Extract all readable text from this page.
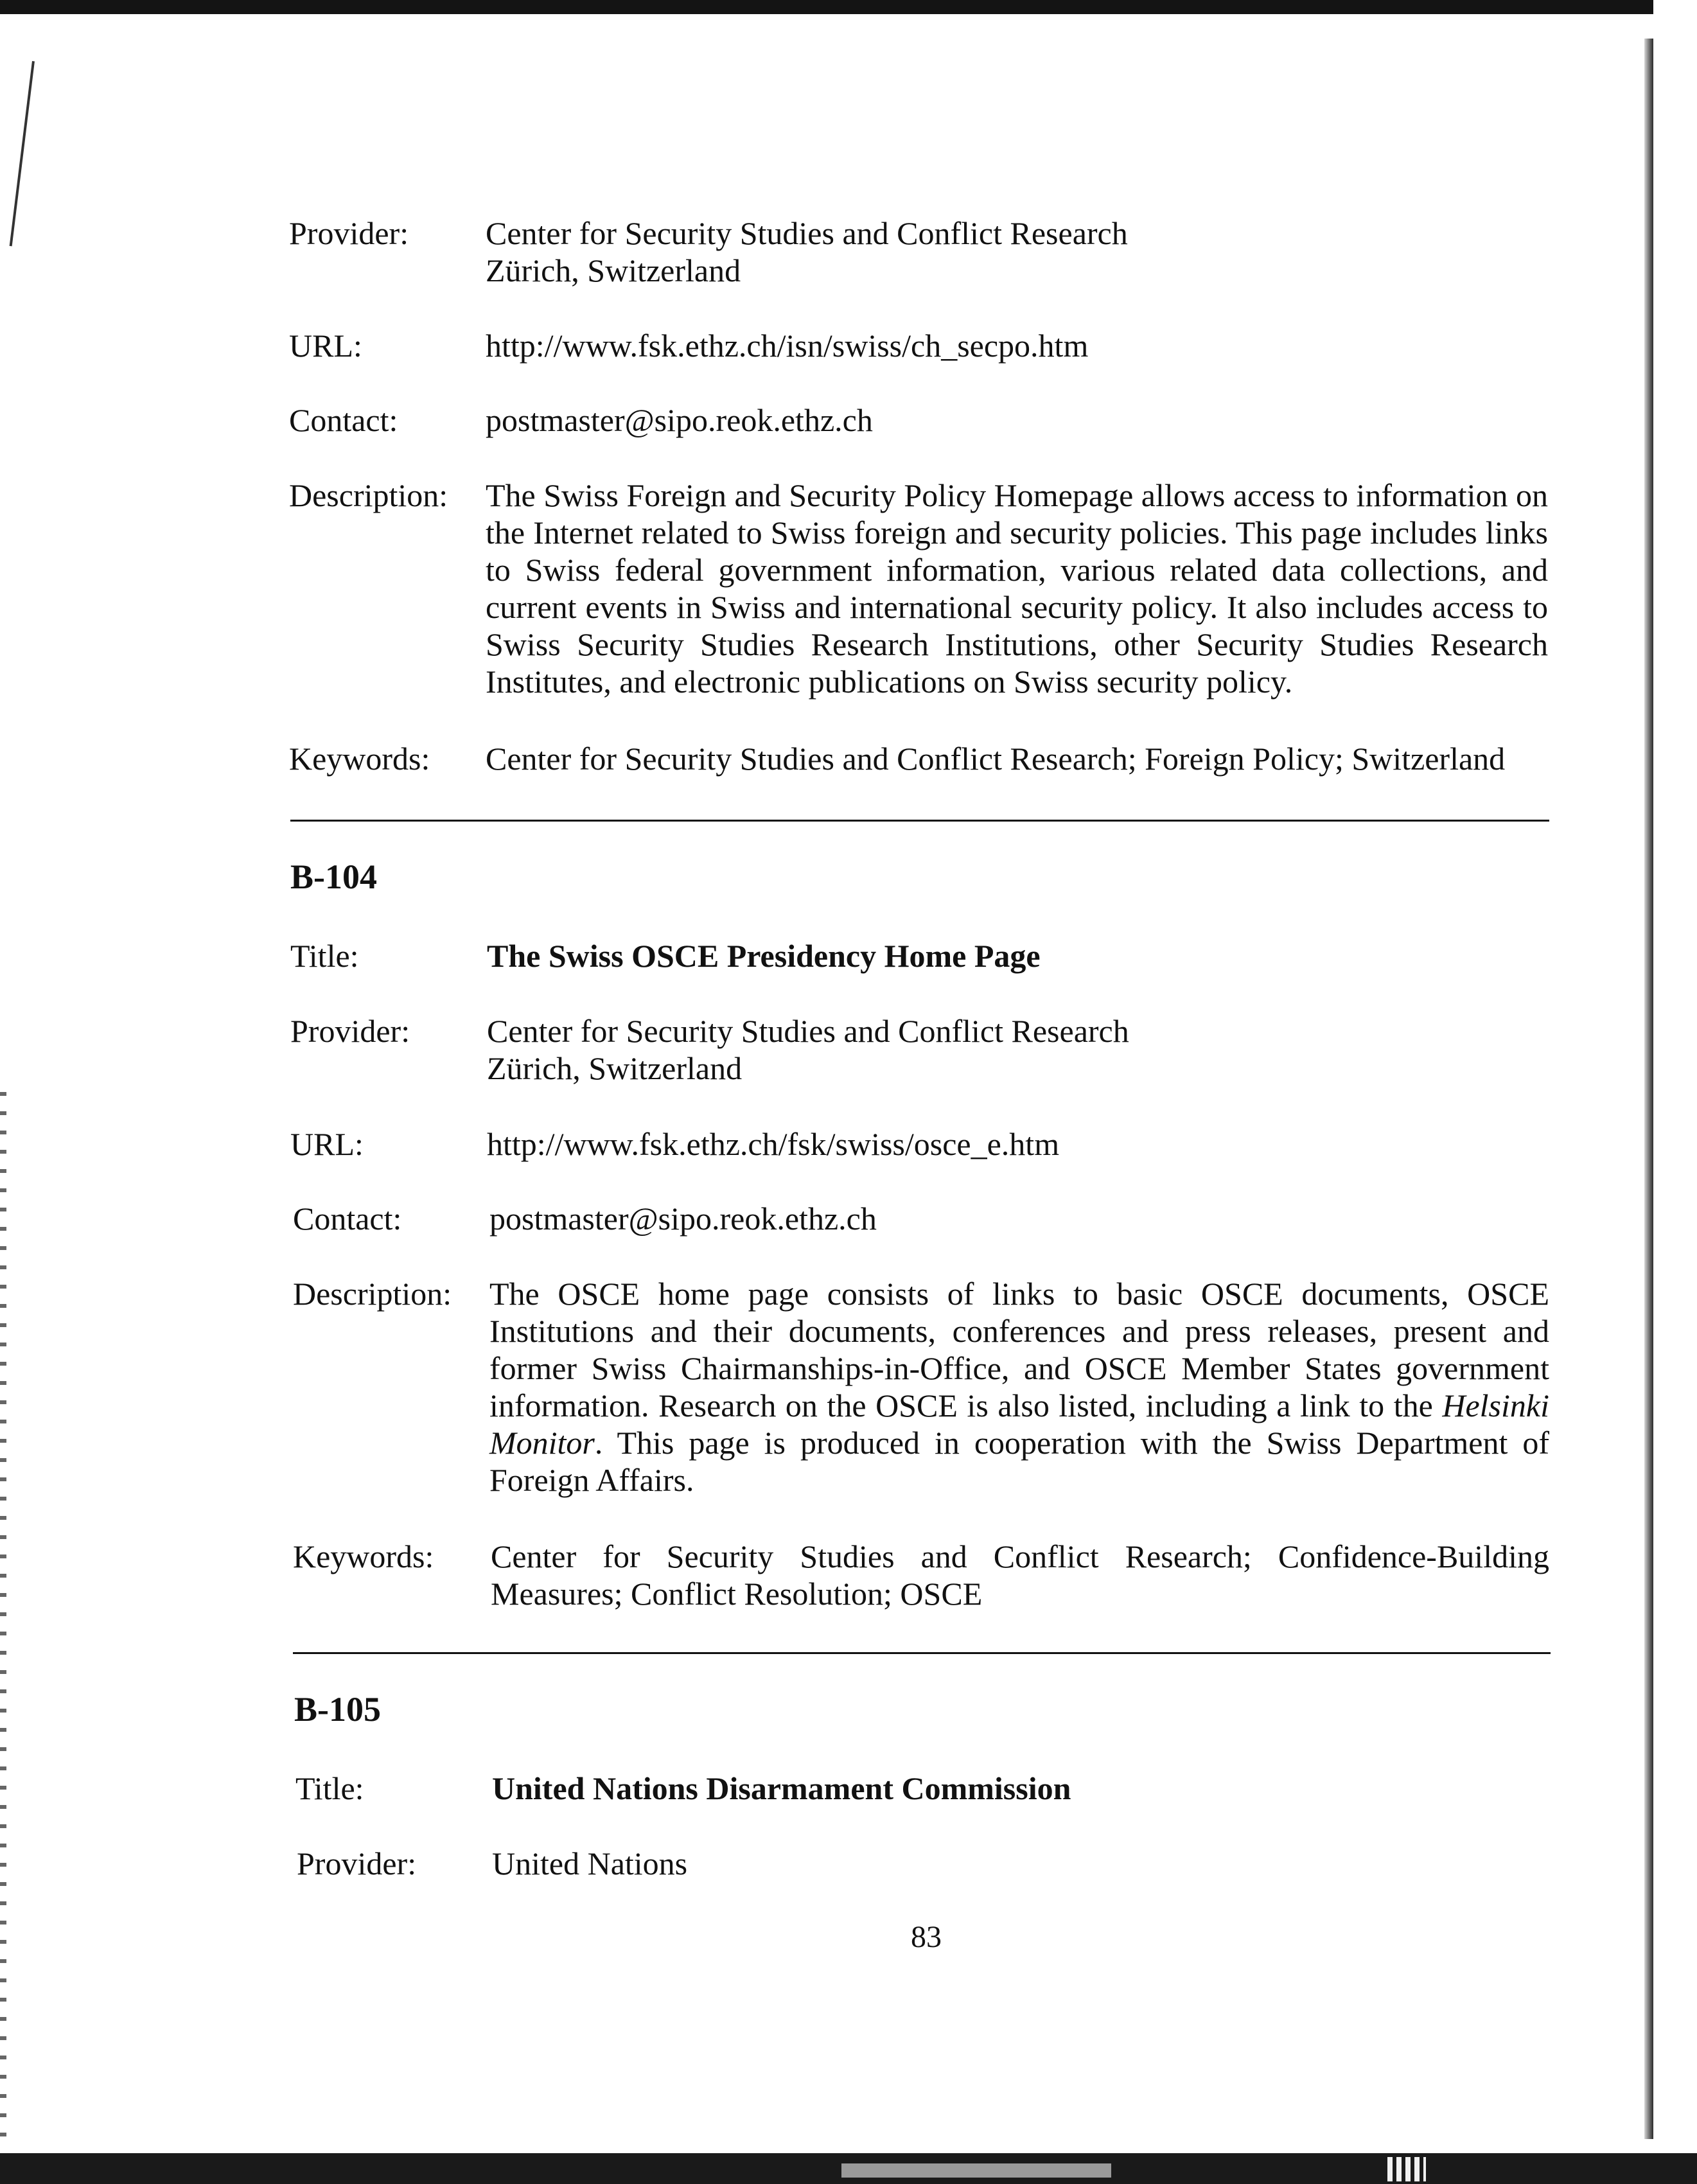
Provider: Center for Security Studies and Conflict Research
Zürich, Switzerland
URL:	http://www.fsk.ethz.ch/isn/swiss/ch_secpo.htm
Contact:	postmaster@sipo.reok.ethz.ch
Description: The Swiss Foreign and Security Policy Homepage allows access to information on the Internet related to Swiss foreign and security policies. This page includes links to Swiss federal government information, various related data collections, and current events in Swiss and international security policy. It also includes access to Swiss Security Studies Research Institutions, other Security Studies Research Institutes, and electronic publications on Swiss security policy.
Keywords: Center for Security Studies and Conflict Research; Foreign Policy; Switzerland
B-104
Title:	The Swiss OSCE Presidency Home Page
Provider: Center for Security Studies and Conflict Research
Zürich, Switzerland
URL:	http://www.fsk.ethz.ch/fsk/swiss/osce_e.htm
Contact:	postmaster@sipo.reok.ethz.ch
Description: The OSCE home page consists of links to basic OSCE documents, OSCE Institutions and their documents, conferences and press releases, present and former Swiss Chairmanships-in-Office, and OSCE Member States government information. Research on the OSCE is also listed, including a link to the Helsinki Monitor. This page is produced in cooperation with the Swiss Department of Foreign Affairs.
Keywords: Center for Security Studies and Conflict Research; Confidence-Building Measures; Conflict Resolution; OSCE
B-105
Title:	United Nations Disarmament Commission
Provider: United Nations
83
